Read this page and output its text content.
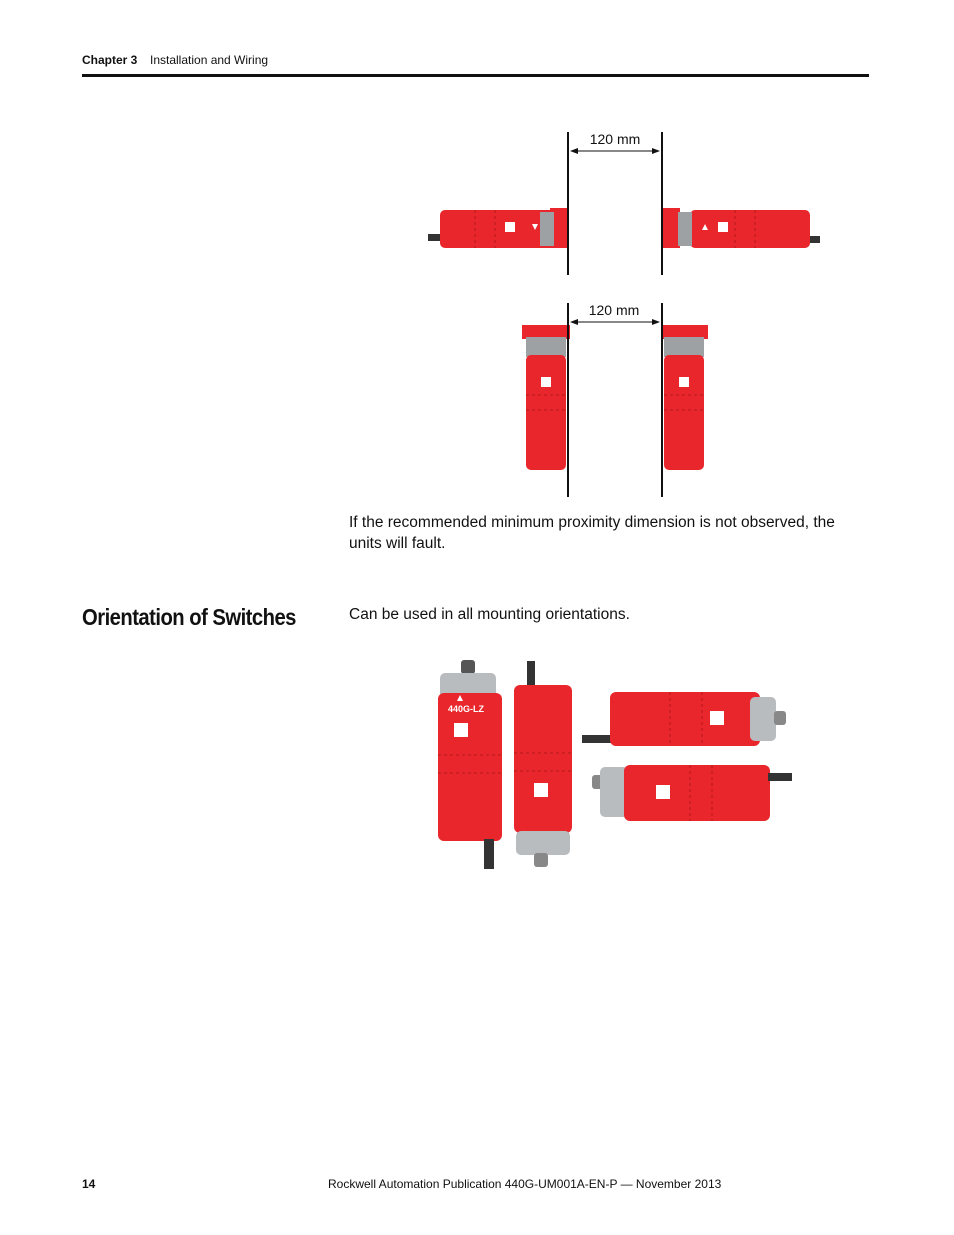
Chapter 3 Installation and Wiring
120 mm
120 mm
If the recommended minimum proximity dimension is not observed, the units will fault.
Orientation of Switches	Can be used in all mounting orientations.
440G-LZ
14	Rockwell Automation Publication 440G-UM001A-EN-P — November 2013
